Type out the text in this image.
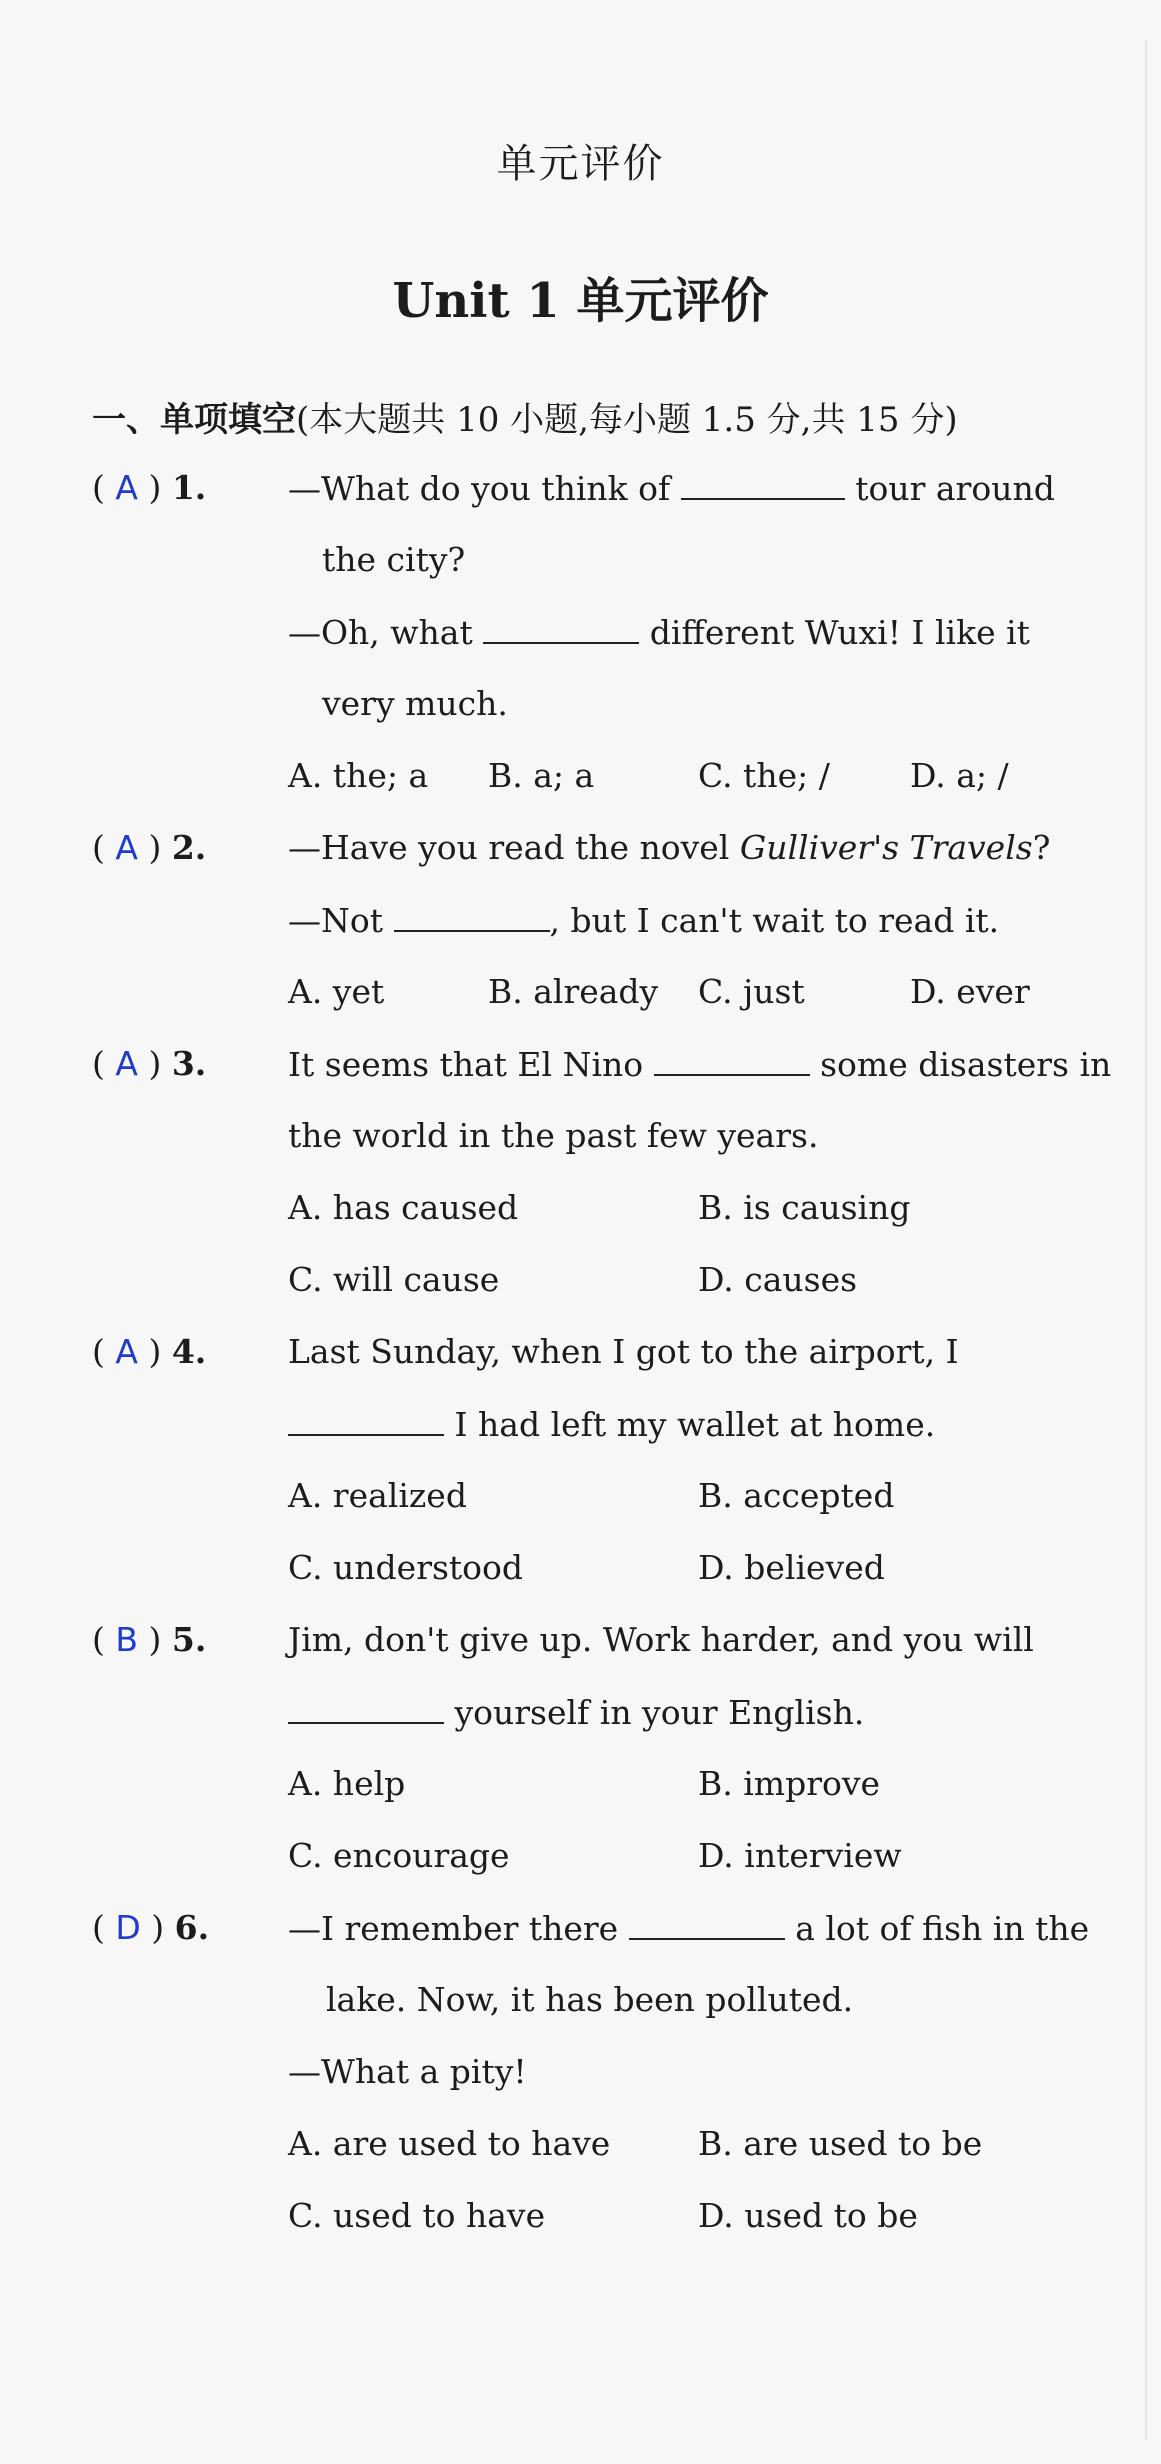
单元评价
Unit 1 单元评价
一、单项填空(本大题共 10 小题,每小题 1.5 分,共 15 分)
( A ) 1. —What do you think of	tour around
the city?
—Oh, what	different Wuxi! I like it
very much.
A. the; a B. a; a	C. the; / D. a; /
( A ) 2. —Have you read the novel Gulliver's Travels?
—Not	, but I can't wait to read it.
A. yet	B. already C. just	D. ever
( A ) 3. It seems that El Nino	some disasters in
the world in the past few years.
A. has caused	B. is causing
C. will cause	D. causes
( A ) 4. Last Sunday, when I got to the airport, I
I had left my wallet at home.
A. realized	B. accepted
C. understood	D. believed
( B ) 5. Jim, don't give up. Work harder, and you will
yourself in your English.
A. help	B. improve
C. encourage	D. interview
( D ) 6. —I remember there	a lot of fish in the
lake. Now, it has been polluted.
—What a pity!
A. are used to have	B. are used to be
C. used to have	D. used to be
